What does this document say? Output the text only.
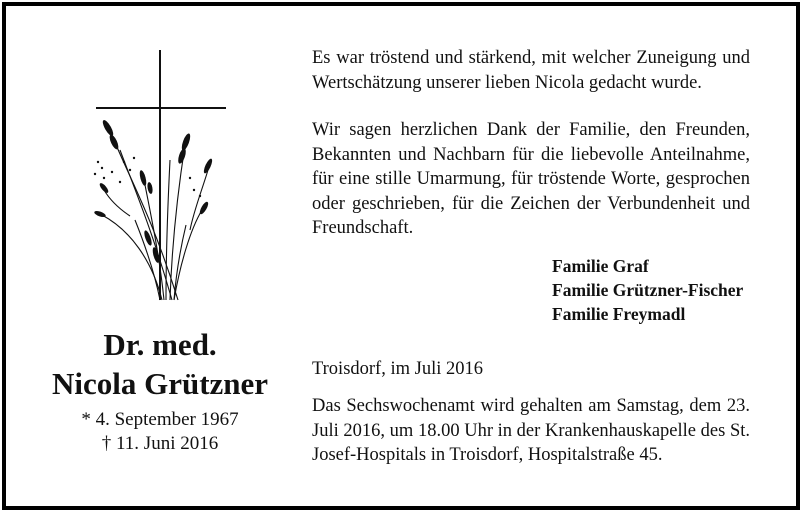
Dr. med.
Nicola Grützner
* 4. September 1967
† 11. Juni 2016
Es war tröstend und stärkend, mit welcher Zuneigung und Wertschätzung unserer lieben Nicola gedacht wurde.
Wir sagen herzlichen Dank der Familie, den Freunden, Bekannten und Nachbarn für die liebevolle Anteilnahme, für eine stille Umarmung, für tröstende Worte, gesprochen oder geschrieben, für die Zeichen der Verbundenheit und Freundschaft.
Familie Graf
Familie Grützner-Fischer
Familie Freymadl
Troisdorf, im Juli 2016
Das Sechswochenamt wird gehalten am Samstag, dem 23. Juli 2016, um 18.00 Uhr in der Krankenhauskapelle des St. Josef-Hospitals in Troisdorf, Hospitalstraße 45.
